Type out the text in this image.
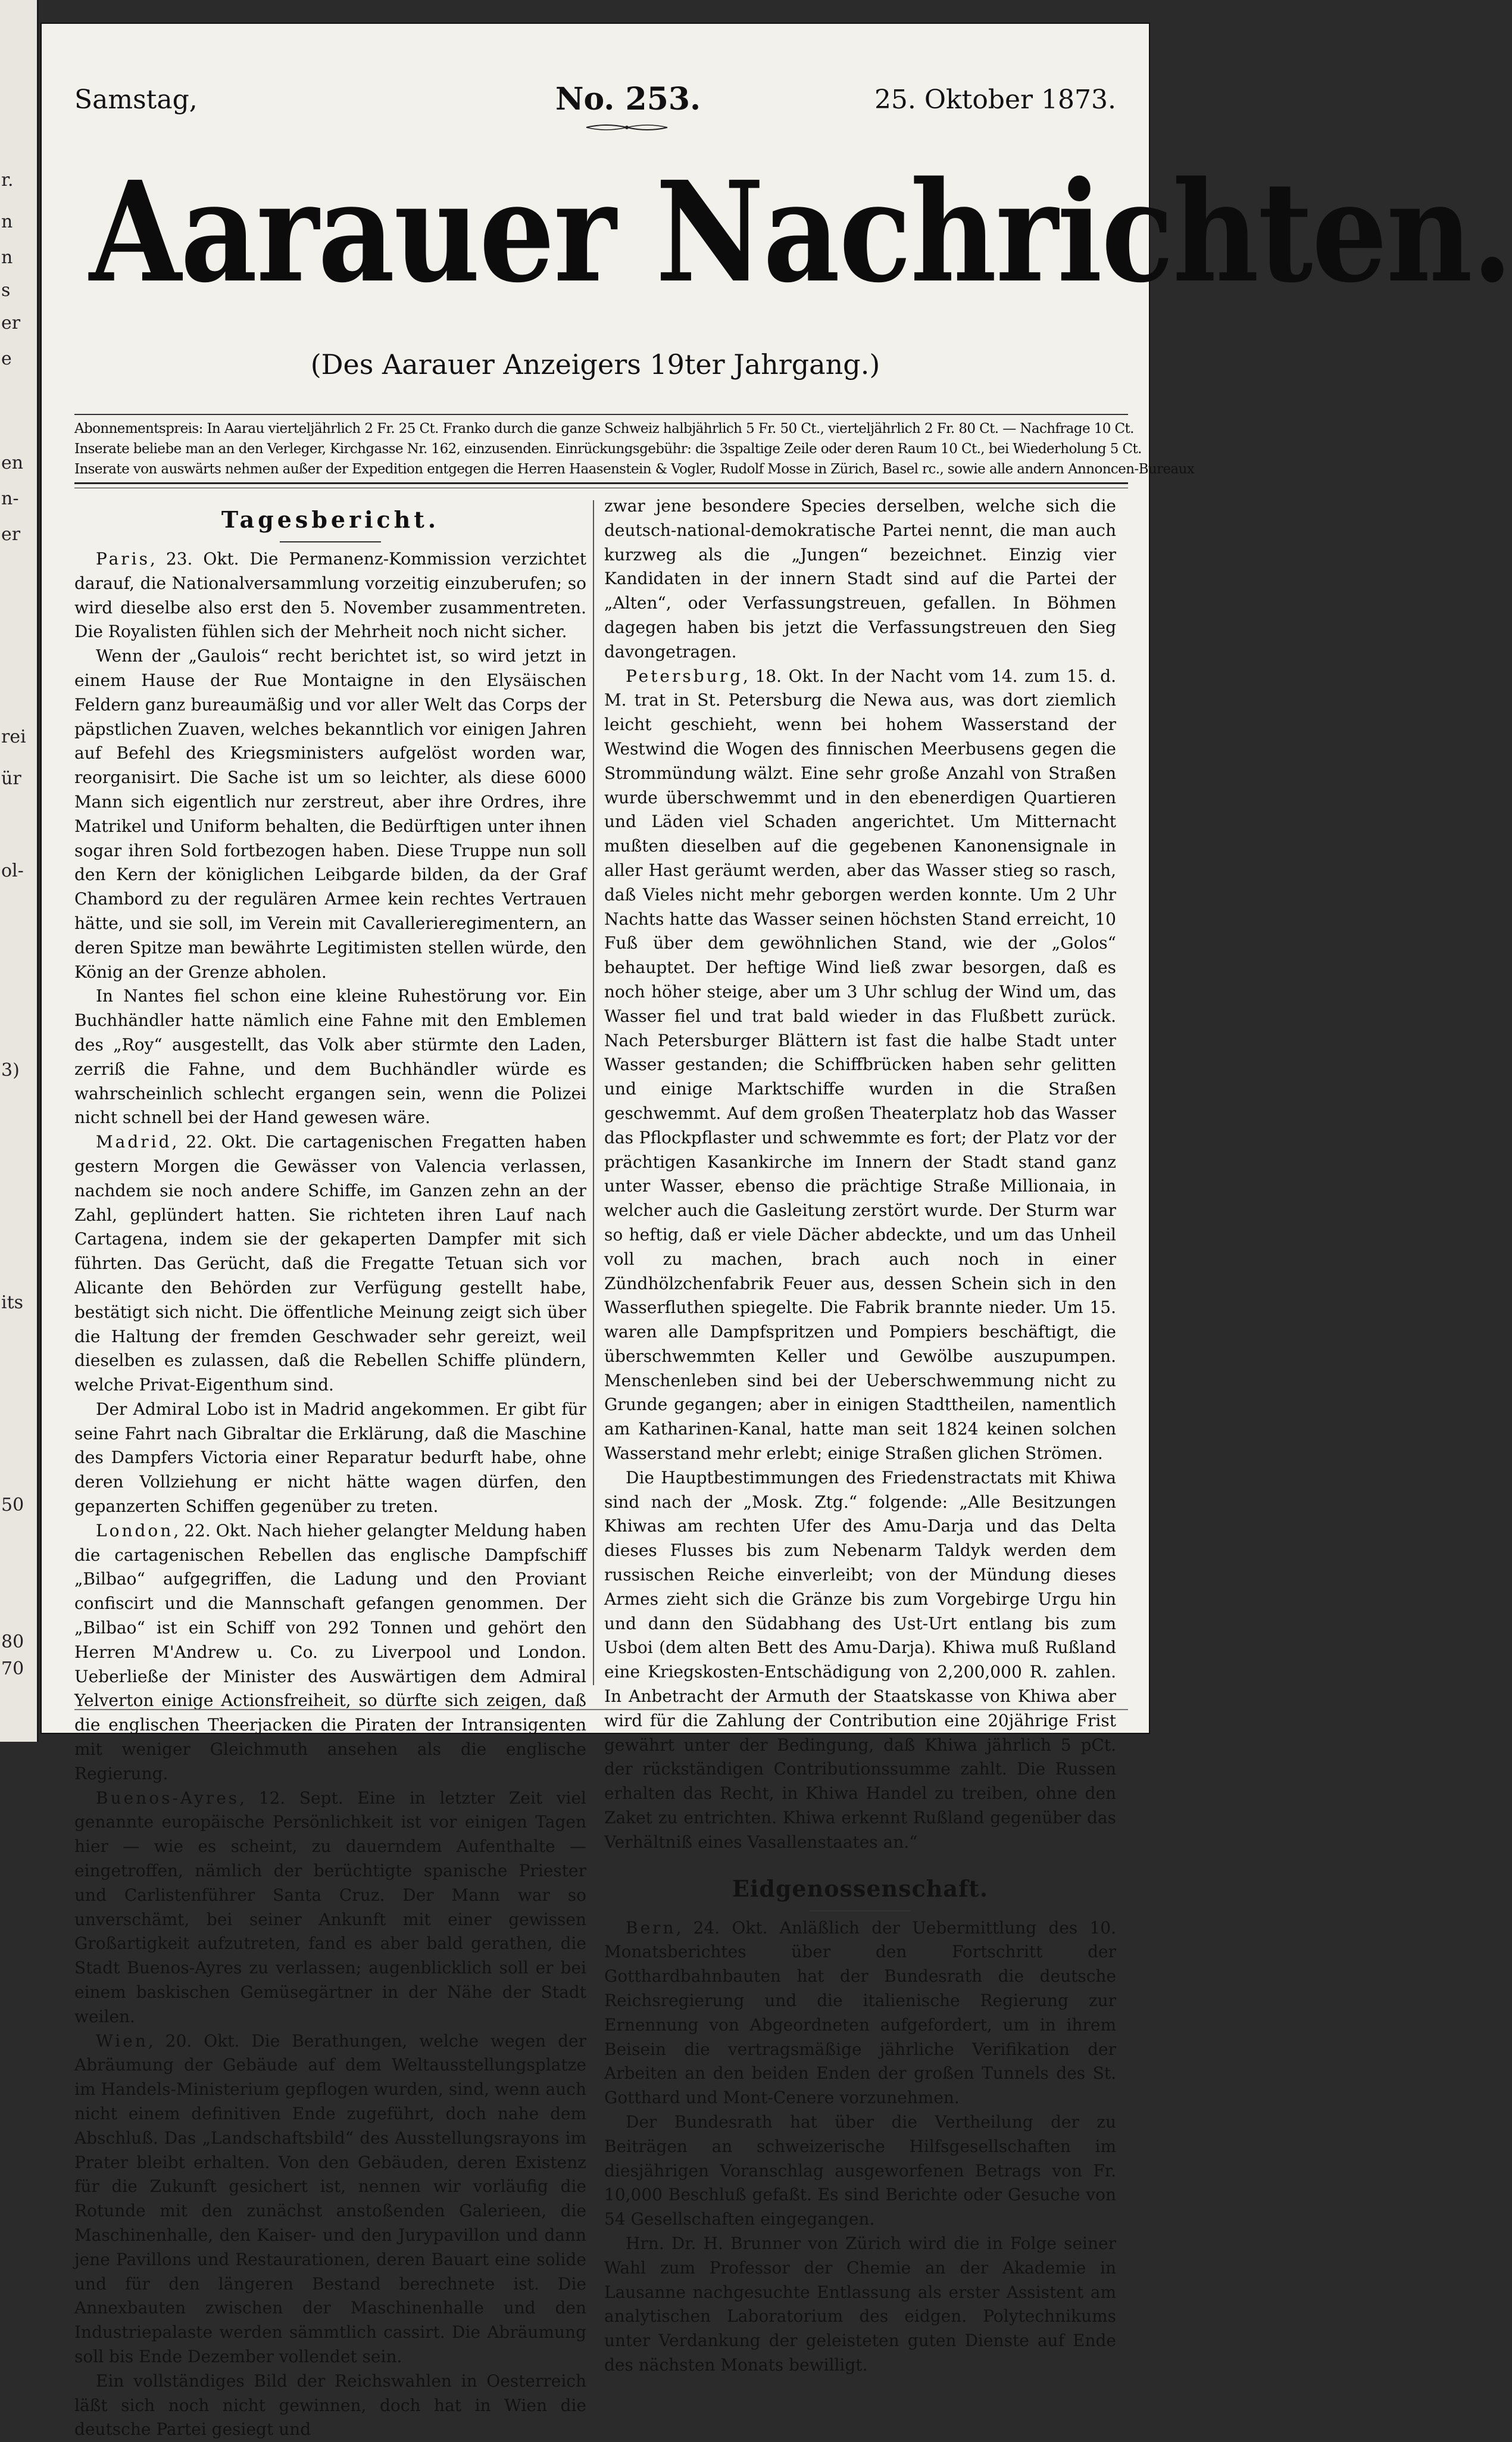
r.
n
n
s
er
e
en
n-
er
rei
ür
ol-
3)
its
50
80
70
Samstag,	No. 253.	25. Oktober 1873.
Aarauer Nachrichten.
(Des Aarauer Anzeigers 19ter Jahrgang.)

Abonnementspreis: In Aarau vierteljährlich 2 Fr. 25 Ct. Franko durch die ganze Schweiz halbjährlich 5 Fr. 50 Ct., vierteljährlich 2 Fr. 80 Ct. — Nachfrage 10 Ct.

Inserate beliebe man an den Verleger, Kirchgasse Nr. 162, einzusenden. Einrückungsgebühr: die 3spaltige Zeile oder deren Raum 10 Ct., bei Wiederholung 5 Ct.

Inserate von auswärts nehmen außer der Expedition entgegen die Herren Haasenstein & Vogler, Rudolf Mosse in Zürich, Basel rc., sowie alle andern Annoncen-Bureaux

Tagesbericht.

Paris, 23. Okt. Die Permanenz-Kommission verzichtet darauf, die Nationalversammlung vorzeitig einzuberufen; so wird dieselbe also erst den 5. November zusammentreten. Die Royalisten fühlen sich der Mehrheit noch nicht sicher.

Wenn der „Gaulois“ recht berichtet ist, so wird jetzt in einem Hause der Rue Montaigne in den Elysäischen Feldern ganz bureaumäßig und vor aller Welt das Corps der päpstlichen Zuaven, welches bekanntlich vor einigen Jahren auf Befehl des Kriegsministers aufgelöst worden war, reorganisirt. Die Sache ist um so leichter, als diese 6000 Mann sich eigentlich nur zerstreut, aber ihre Ordres, ihre Matrikel und Uniform behalten, die Bedürftigen unter ihnen sogar ihren Sold fortbezogen haben. Diese Truppe nun soll den Kern der königlichen Leibgarde bilden, da der Graf Chambord zu der regulären Armee kein rechtes Vertrauen hätte, und sie soll, im Verein mit Cavallerieregimentern, an deren Spitze man bewährte Legitimisten stellen würde, den König an der Grenze abholen.

In Nantes fiel schon eine kleine Ruhestörung vor. Ein Buchhändler hatte nämlich eine Fahne mit den Emblemen des „Roy“ ausgestellt, das Volk aber stürmte den Laden, zerriß die Fahne, und dem Buchhändler würde es wahrscheinlich schlecht ergangen sein, wenn die Polizei nicht schnell bei der Hand gewesen wäre.

Madrid, 22. Okt. Die cartagenischen Fregatten haben gestern Morgen die Gewässer von Valencia verlassen, nachdem sie noch andere Schiffe, im Ganzen zehn an der Zahl, geplündert hatten. Sie richteten ihren Lauf nach Cartagena, indem sie der gekaperten Dampfer mit sich führten. Das Gerücht, daß die Fregatte Tetuan sich vor Alicante den Behörden zur Verfügung gestellt habe, bestätigt sich nicht. Die öffentliche Meinung zeigt sich über die Haltung der fremden Geschwader sehr gereizt, weil dieselben es zulassen, daß die Rebellen Schiffe plündern, welche Privat-Eigenthum sind.

Der Admiral Lobo ist in Madrid angekommen. Er gibt für seine Fahrt nach Gibraltar die Erklärung, daß die Maschine des Dampfers Victoria einer Reparatur bedurft habe, ohne deren Vollziehung er nicht hätte wagen dürfen, den gepanzerten Schiffen gegenüber zu treten.

London, 22. Okt. Nach hieher gelangter Meldung haben die cartagenischen Rebellen das englische Dampfschiff „Bilbao“ aufgegriffen, die Ladung und den Proviant confiscirt und die Mannschaft gefangen genommen. Der „Bilbao“ ist ein Schiff von 292 Tonnen und gehört den Herren M'Andrew u. Co. zu Liverpool und London. Ueberließe der Minister des Auswärtigen dem Admiral Yelverton einige Actionsfreiheit, so dürfte sich zeigen, daß die englischen Theerjacken die Piraten der Intransigenten mit weniger Gleichmuth ansehen als die englische Regierung.

Buenos-Ayres, 12. Sept. Eine in letzter Zeit viel genannte europäische Persönlichkeit ist vor einigen Tagen hier — wie es scheint, zu dauerndem Aufenthalte — eingetroffen, nämlich der berüchtigte spanische Priester und Carlistenführer Santa Cruz. Der Mann war so unverschämt, bei seiner Ankunft mit einer gewissen Großartigkeit aufzutreten, fand es aber bald gerathen, die Stadt Buenos-Ayres zu verlassen; augenblicklich soll er bei einem baskischen Gemüsegärtner in der Nähe der Stadt weilen.

Wien, 20. Okt. Die Berathungen, welche wegen der Abräumung der Gebäude auf dem Weltausstellungsplatze im Handels-Ministerium gepflogen wurden, sind, wenn auch nicht einem definitiven Ende zugeführt, doch nahe dem Abschluß. Das „Landschaftsbild“ des Ausstellungsrayons im Prater bleibt erhalten. Von den Gebäuden, deren Existenz für die Zukunft gesichert ist, nennen wir vorläufig die Rotunde mit den zunächst anstoßenden Galerieen, die Maschinenhalle, den Kaiser- und den Jurypavillon und dann jene Pavillons und Restaurationen, deren Bauart eine solide und für den längeren Bestand berechnete ist. Die Annexbauten zwischen der Maschinenhalle und den Industriepalaste werden sämmtlich cassirt. Die Abräumung soll bis Ende Dezember vollendet sein.

Ein vollständiges Bild der Reichswahlen in Oesterreich läßt sich noch nicht gewinnen, doch hat in Wien die deutsche Partei gesiegt und

zwar jene besondere Species derselben, welche sich die deutsch-national-demokratische Partei nennt, die man auch kurzweg als die „Jungen“ bezeichnet. Einzig vier Kandidaten in der innern Stadt sind auf die Partei der „Alten“, oder Verfassungstreuen, gefallen. In Böhmen dagegen haben bis jetzt die Verfassungstreuen den Sieg davongetragen.

Petersburg, 18. Okt. In der Nacht vom 14. zum 15. d. M. trat in St. Petersburg die Newa aus, was dort ziemlich leicht geschieht, wenn bei hohem Wasserstand der Westwind die Wogen des finnischen Meerbusens gegen die Strommündung wälzt. Eine sehr große Anzahl von Straßen wurde überschwemmt und in den ebenerdigen Quartieren und Läden viel Schaden angerichtet. Um Mitternacht mußten dieselben auf die gegebenen Kanonensignale in aller Hast geräumt werden, aber das Wasser stieg so rasch, daß Vieles nicht mehr geborgen werden konnte. Um 2 Uhr Nachts hatte das Wasser seinen höchsten Stand erreicht, 10 Fuß über dem gewöhnlichen Stand, wie der „Golos“ behauptet. Der heftige Wind ließ zwar besorgen, daß es noch höher steige, aber um 3 Uhr schlug der Wind um, das Wasser fiel und trat bald wieder in das Flußbett zurück. Nach Petersburger Blättern ist fast die halbe Stadt unter Wasser gestanden; die Schiffbrücken haben sehr gelitten und einige Marktschiffe wurden in die Straßen geschwemmt. Auf dem großen Theaterplatz hob das Wasser das Pflockpflaster und schwemmte es fort; der Platz vor der prächtigen Kasankirche im Innern der Stadt stand ganz unter Wasser, ebenso die prächtige Straße Millionaia, in welcher auch die Gasleitung zerstört wurde. Der Sturm war so heftig, daß er viele Dächer abdeckte, und um das Unheil voll zu machen, brach auch noch in einer Zündhölzchenfabrik Feuer aus, dessen Schein sich in den Wasserfluthen spiegelte. Die Fabrik brannte nieder. Um 15. waren alle Dampfspritzen und Pompiers beschäftigt, die überschwemmten Keller und Gewölbe auszupumpen. Menschenleben sind bei der Ueberschwemmung nicht zu Grunde gegangen; aber in einigen Stadttheilen, namentlich am Katharinen-Kanal, hatte man seit 1824 keinen solchen Wasserstand mehr erlebt; einige Straßen glichen Strömen.

Die Hauptbestimmungen des Friedenstractats mit Khiwa sind nach der „Mosk. Ztg.“ folgende: „Alle Besitzungen Khiwas am rechten Ufer des Amu-Darja und das Delta dieses Flusses bis zum Nebenarm Taldyk werden dem russischen Reiche einverleibt; von der Mündung dieses Armes zieht sich die Gränze bis zum Vorgebirge Urgu hin und dann den Südabhang des Ust-Urt entlang bis zum Usboi (dem alten Bett des Amu-Darja). Khiwa muß Rußland eine Kriegskosten-Entschädigung von 2,200,000 R. zahlen. In Anbetracht der Armuth der Staatskasse von Khiwa aber wird für die Zahlung der Contribution eine 20jährige Frist gewährt unter der Bedingung, daß Khiwa jährlich 5 pCt. der rückständigen Contributionssumme zahlt. Die Russen erhalten das Recht, in Khiwa Handel zu treiben, ohne den Zaket zu entrichten. Khiwa erkennt Rußland gegenüber das Verhältniß eines Vasallenstaates an.“

Eidgenossenschaft.

Bern, 24. Okt. Anläßlich der Uebermittlung des 10. Monatsberichtes über den Fortschritt der Gotthardbahnbauten hat der Bundesrath die deutsche Reichsregierung und die italienische Regierung zur Ernennung von Abgeordneten aufgefordert, um in ihrem Beisein die vertragsmäßige jährliche Verifikation der Arbeiten an den beiden Enden der großen Tunnels des St. Gotthard und Mont-Cenere vorzunehmen.

Der Bundesrath hat über die Vertheilung der zu Beiträgen an schweizerische Hilfsgesellschaften im diesjährigen Voranschlag ausgeworfenen Betrags von Fr. 10,000 Beschluß gefaßt. Es sind Berichte oder Gesuche von 54 Gesellschaften eingegangen.

Hrn. Dr. H. Brunner von Zürich wird die in Folge seiner Wahl zum Professor der Chemie an der Akademie in Lausanne nachgesuchte Entlassung als erster Assistent am analytischen Laboratorium des eidgen. Polytechnikums unter Verdankung der geleisteten guten Dienste auf Ende des nächsten Monats bewilligt.
